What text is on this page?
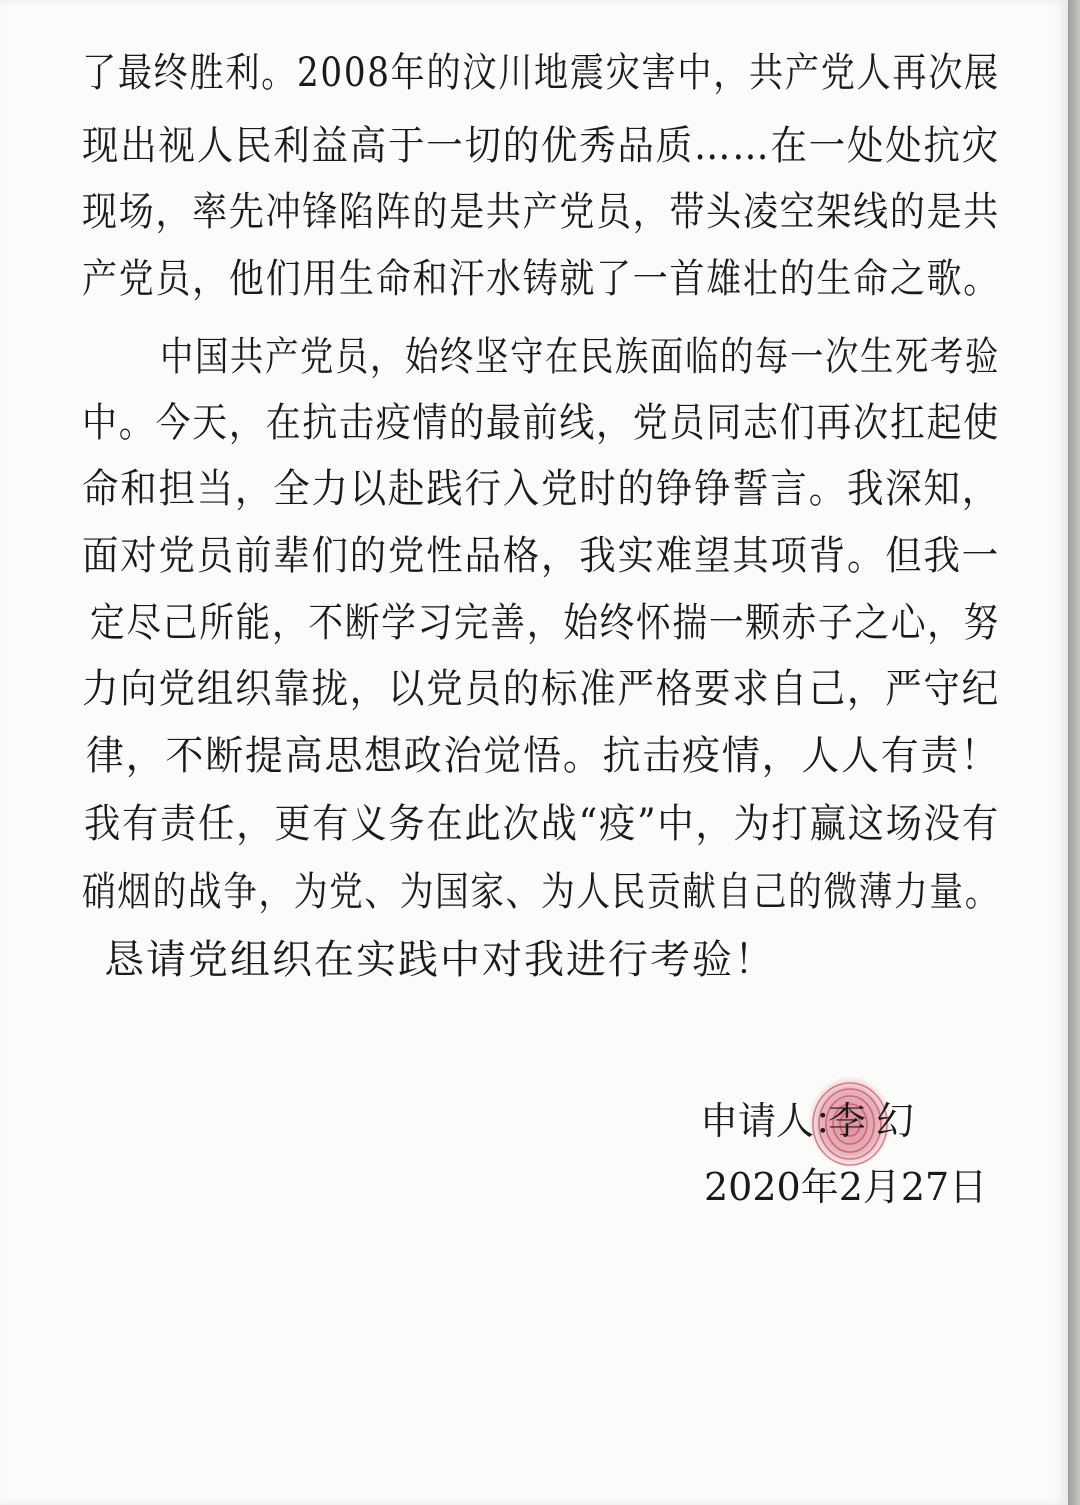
了最终胜利。2008年的汶川地震灾害中，共产党人再次展
现出视人民利益高于一切的优秀品质……在一处处抗灾
现场，率先冲锋陷阵的是共产党员，带头凌空架线的是共
产党员，他们用生命和汗水铸就了一首雄壮的生命之歌。
中国共产党员，始终坚守在民族面临的每一次生死考验
中。今天，在抗击疫情的最前线，党员同志们再次扛起使
命和担当，全力以赴践行入党时的铮铮誓言。我深知，
面对党员前辈们的党性品格，我实难望其项背。但我一
定尽己所能，不断学习完善，始终怀揣一颗赤子之心，努
力向党组织靠拢，以党员的标准严格要求自己，严守纪
律，不断提高思想政治觉悟。抗击疫情，人人有责！
我有责任，更有义务在此次战“疫”中，为打赢这场没有
硝烟的战争，为党、为国家、为人民贡献自己的微薄力量。
恳请党组织在实践中对我进行考验！
申请人：
李幻
2020年2月27日
